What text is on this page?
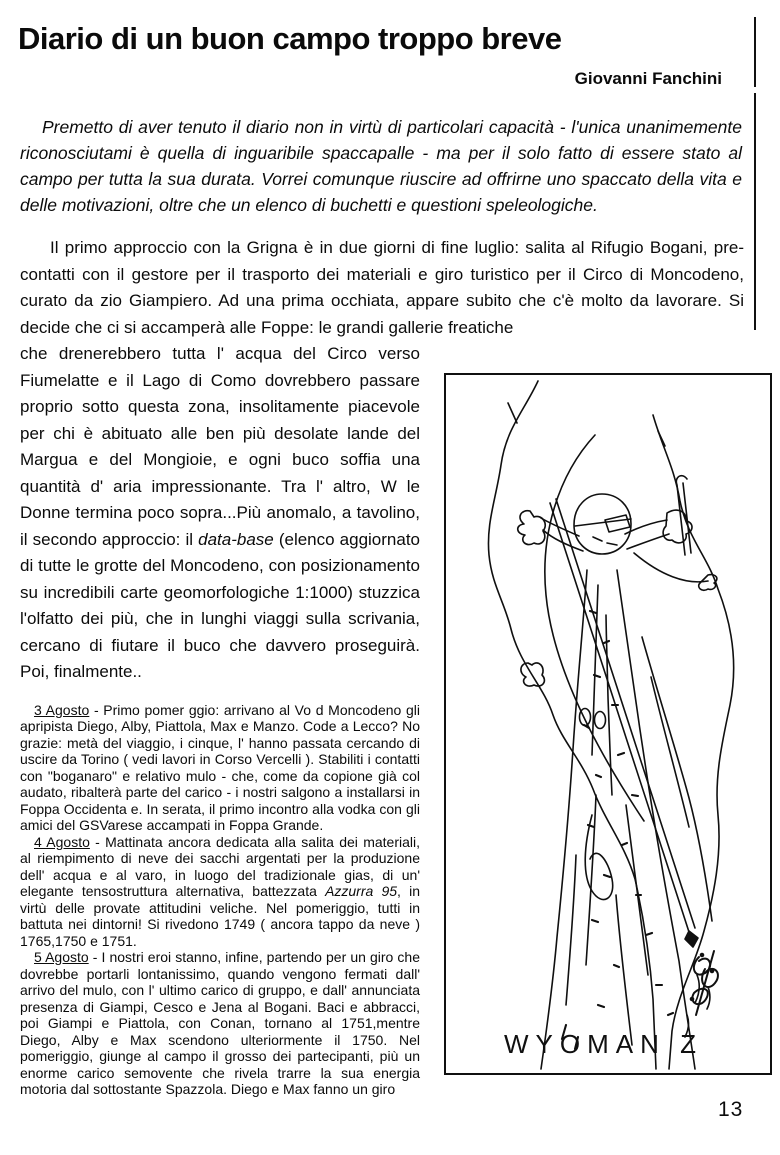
Diario di un buon campo troppo breve
Giovanni Fanchini

Premetto di aver tenuto il diario non in virtù di particolari capacità - l'unica unanimemente riconosciutami è quella di inguaribile spaccapalle - ma per il solo fatto di essere stato al campo per tutta la sua durata. Vorrei comunque riuscire ad offrirne uno spaccato della vita e delle motivazioni, oltre che un elenco di buchetti e questioni speleologiche.

Il primo approccio con la Grigna è in due giorni di fine luglio: salita al Rifugio Bogani, pre-contatti con il gestore per il trasporto dei materiali e giro turistico per il Circo di Moncodeno, curato da zio Giampiero. Ad una prima occhiata, appare subito che c'è molto da lavorare. Si decide che ci si accamperà alle Foppe: le grandi gallerie freatiche

che drenerebbero tutta l' acqua del Circo verso Fiumelatte e il Lago di Como dovrebbero passare proprio sotto questa zona, insolitamente piacevole per chi è abituato alle ben più desolate lande del Margua e del Mongioie, e ogni buco soffia una quantità d' aria impressionante. Tra l' altro, W le Donne termina poco sopra...Più anomalo, a tavolino, il secondo approccio: il data-base (elenco aggiornato di tutte le grotte del Moncodeno, con posizionamento su incredibili carte geomorfologiche 1:1000) stuzzica l'olfatto dei più, che in lunghi viaggi sulla scrivania, cercano di fiutare il buco che davvero proseguirà. Poi, finalmente..

3 Agosto - Primo pomer ggio: arrivano al Vo d Moncodeno gli apripista Diego, Alby, Piattola, Max e Manzo. Code a Lecco? No grazie: metà del viaggio, i cinque, l' hanno passata cercando di uscire da Torino ( vedi lavori in Corso Vercelli ). Stabiliti i contatti con "boganaro" e relativo mulo - che, come da copione già col audato, ribalterà parte del carico - i nostri salgono a installarsi in Foppa Occidenta e. In serata, il primo incontro alla vodka con gli amici del GSVarese accampati in Foppa Grande.

4 Agosto - Mattinata ancora dedicata alla salita dei materiali, al riempimento di neve dei sacchi argentati per la produzione dell' acqua e al varo, in luogo del tradizionale gias, di un' elegante tensostruttura alternativa, battezzata Azzurra 95, in virtù delle provate attitudini veliche. Nel pomeriggio, tutti in battuta nei dintorni! Si rivedono 1749 ( ancora tappo da neve ) 1765,1750 e 1751.

5 Agosto - I nostri eroi stanno, infine, partendo per un giro che dovrebbe portarli lontanissimo, quando vengono fermati dall' arrivo del mulo, con l' ultimo carico di gruppo, e dall' annunciata presenza di Giampi, Cesco e Jena al Bogani. Baci e abbracci, poi Giampi e Piattola, con Conan, tornano al 1751,mentre Diego, Alby e Max scendono ulteriormente il 1750. Nel pomeriggio, giunge al campo il grosso dei partecipanti, più un enorme carico semovente che rivela trarre la sua energia motoria dal sottostante Spazzola. Diego e Max fanno un giro

WYOMAN Z
13
